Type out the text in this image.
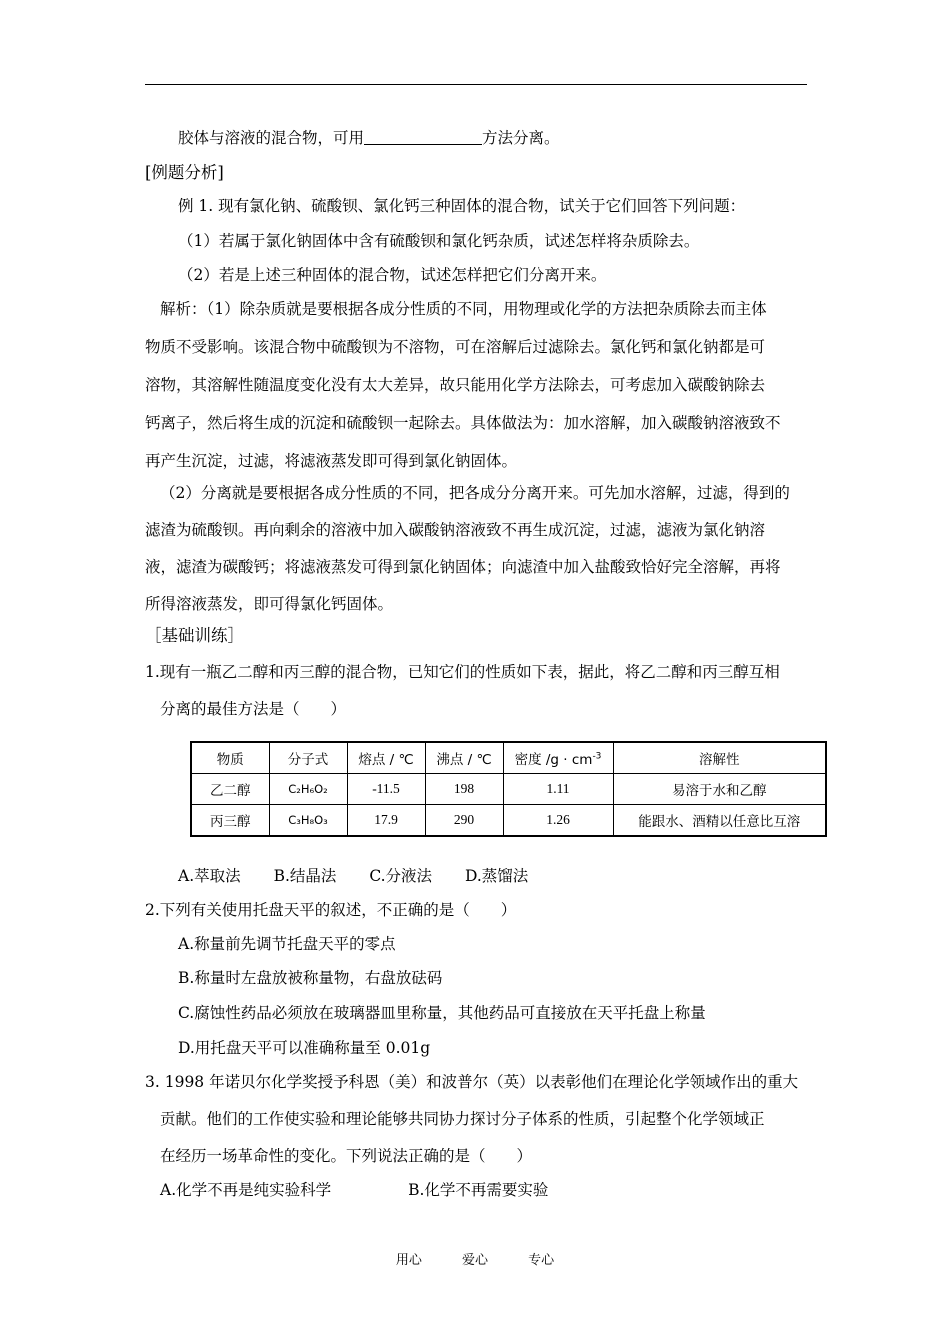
胶体与溶液的混合物，可用	方法分离。
[例题分析]
例 1. 现有氯化钠、硫酸钡、氯化钙三种固体的混合物，试关于它们回答下列问题：
（1）若属于氯化钠固体中含有硫酸钡和氯化钙杂质，试述怎样将杂质除去。
（2）若是上述三种固体的混合物，试述怎样把它们分离开来。
解析：（1）除杂质就是要根据各成分性质的不同，用物理或化学的方法把杂质除去而主体
物质不受影响。该混合物中硫酸钡为不溶物，可在溶解后过滤除去。氯化钙和氯化钠都是可
溶物，其溶解性随温度变化没有太大差异，故只能用化学方法除去，可考虑加入碳酸钠除去
钙离子，然后将生成的沉淀和硫酸钡一起除去。具体做法为：加水溶解，加入碳酸钠溶液致不
再产生沉淀，过滤，将滤液蒸发即可得到氯化钠固体。
（2）分离就是要根据各成分性质的不同，把各成分分离开来。可先加水溶解，过滤，得到的
滤渣为硫酸钡。再向剩余的溶液中加入碳酸钠溶液致不再生成沉淀，过滤，滤液为氯化钠溶
液，滤渣为碳酸钙；将滤液蒸发可得到氯化钠固体；向滤渣中加入盐酸致恰好完全溶解，再将
所得溶液蒸发，即可得氯化钙固体。
［基础训练］
1.现有一瓶乙二醇和丙三醇的混合物，已知它们的性质如下表，据此，将乙二醇和丙三醇互相
分离的最佳方法是（　　）
物质	分子式	熔点 / ℃	沸点 / ℃	密度 $/g \cdot cm^{-3}$	溶解性
乙二醇	C₂H₆O₂	-11.5	198	1.11	易溶于水和乙醇
丙三醇	C₃H₈O₃	17.9	290	1.26	能跟水、酒精以任意比互溶
A.萃取法 B.结晶法 C.分液法 D.蒸馏法
2.下列有关使用托盘天平的叙述，不正确的是（　　）
A.称量前先调节托盘天平的零点
B.称量时左盘放被称量物，右盘放砝码
C.腐蚀性药品必须放在玻璃器皿里称量，其他药品可直接放在天平托盘上称量
D.用托盘天平可以准确称量至 0.01g
3. 1998 年诺贝尔化学奖授予科恩（美）和波普尔（英）以表彰他们在理论化学领域作出的重大
贡献。他们的工作使实验和理论能够共同协力探讨分子体系的性质，引起整个化学领域正
在经历一场革命性的变化。下列说法正确的是（　　）
A.化学不再是纯实验科学	B.化学不再需要实验
用心	爱心	专心
